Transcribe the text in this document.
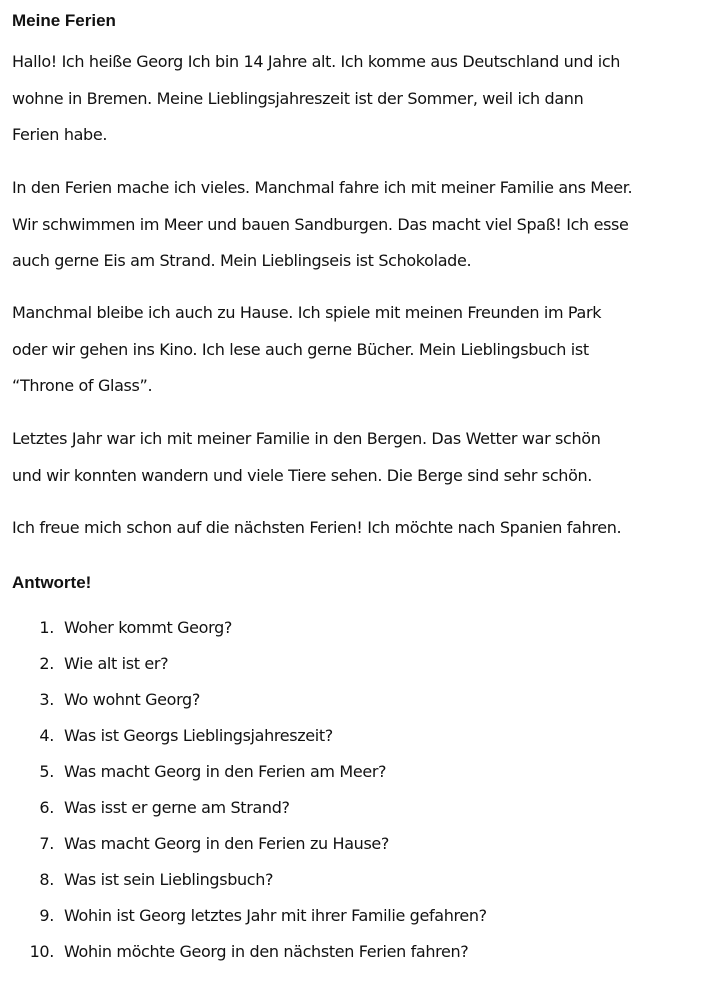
Meine Ferien

Hallo! Ich heiße Georg Ich bin 14 Jahre alt. Ich komme aus Deutschland und ich
wohne in Bremen. Meine Lieblingsjahreszeit ist der Sommer, weil ich dann
Ferien habe.

In den Ferien mache ich vieles. Manchmal fahre ich mit meiner Familie ans Meer.
Wir schwimmen im Meer und bauen Sandburgen. Das macht viel Spaß! Ich esse
auch gerne Eis am Strand. Mein Lieblingseis ist Schokolade.

Manchmal bleibe ich auch zu Hause. Ich spiele mit meinen Freunden im Park
oder wir gehen ins Kino. Ich lese auch gerne Bücher. Mein Lieblingsbuch ist
“Throne of Glass”.

Letztes Jahr war ich mit meiner Familie in den Bergen. Das Wetter war schön
und wir konnten wandern und viele Tiere sehen. Die Berge sind sehr schön.

Ich freue mich schon auf die nächsten Ferien! Ich möchte nach Spanien fahren.

Antworte!
1. Woher kommt Georg?
2. Wie alt ist er?
3. Wo wohnt Georg?
4. Was ist Georgs Lieblingsjahreszeit?
5. Was macht Georg in den Ferien am Meer?
6. Was isst er gerne am Strand?
7. Was macht Georg in den Ferien zu Hause?
8. Was ist sein Lieblingsbuch?
9. Wohin ist Georg letztes Jahr mit ihrer Familie gefahren?
10. Wohin möchte Georg in den nächsten Ferien fahren?
